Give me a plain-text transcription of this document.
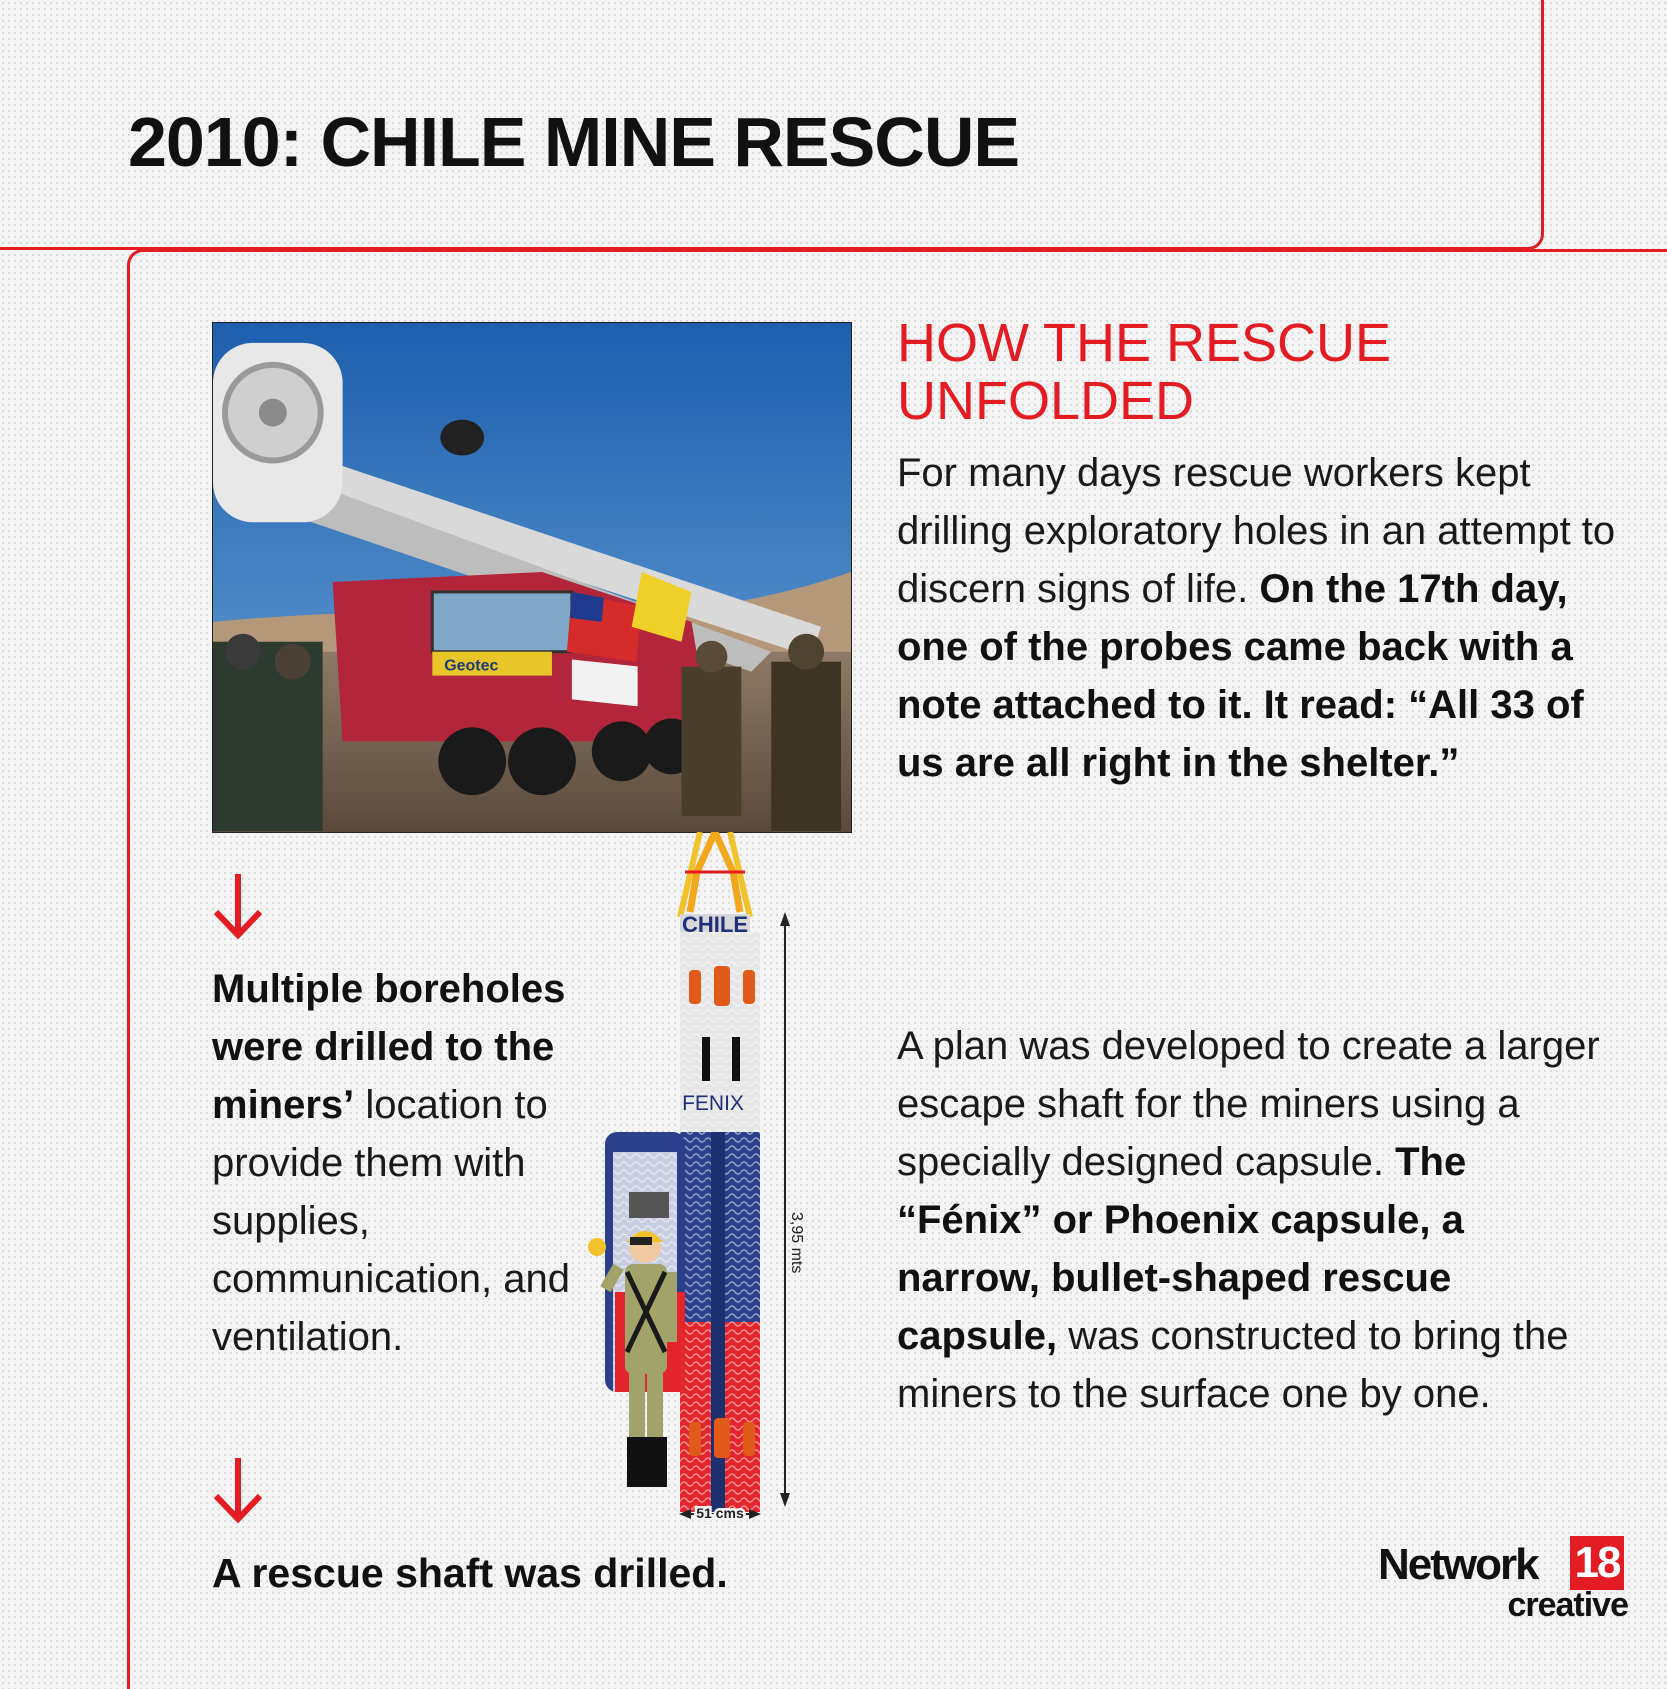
2010: CHILE MINE RESCUE
Geotec
HOW THE RESCUE UNFOLDED

For many days rescue workers kept drilling exploratory holes in an attempt to discern signs of life. On the 17th day, one of the probes came back with a note attached to it. It read: “All 33 of us are all right in the shelter.”

A plan was developed to create a larger escape shaft for the miners using a specially designed capsule. The “Fénix” or Phoenix capsule, a narrow, bullet-shaped rescue capsule, was constructed to bring the miners to the surface one by one.

Multiple boreholes were drilled to the miners’ location to provide them with supplies, communication, and ventilation.

A rescue shaft was drilled.

CHILE
FENIX
3,95 mts
51 cms
Network 18
creative
